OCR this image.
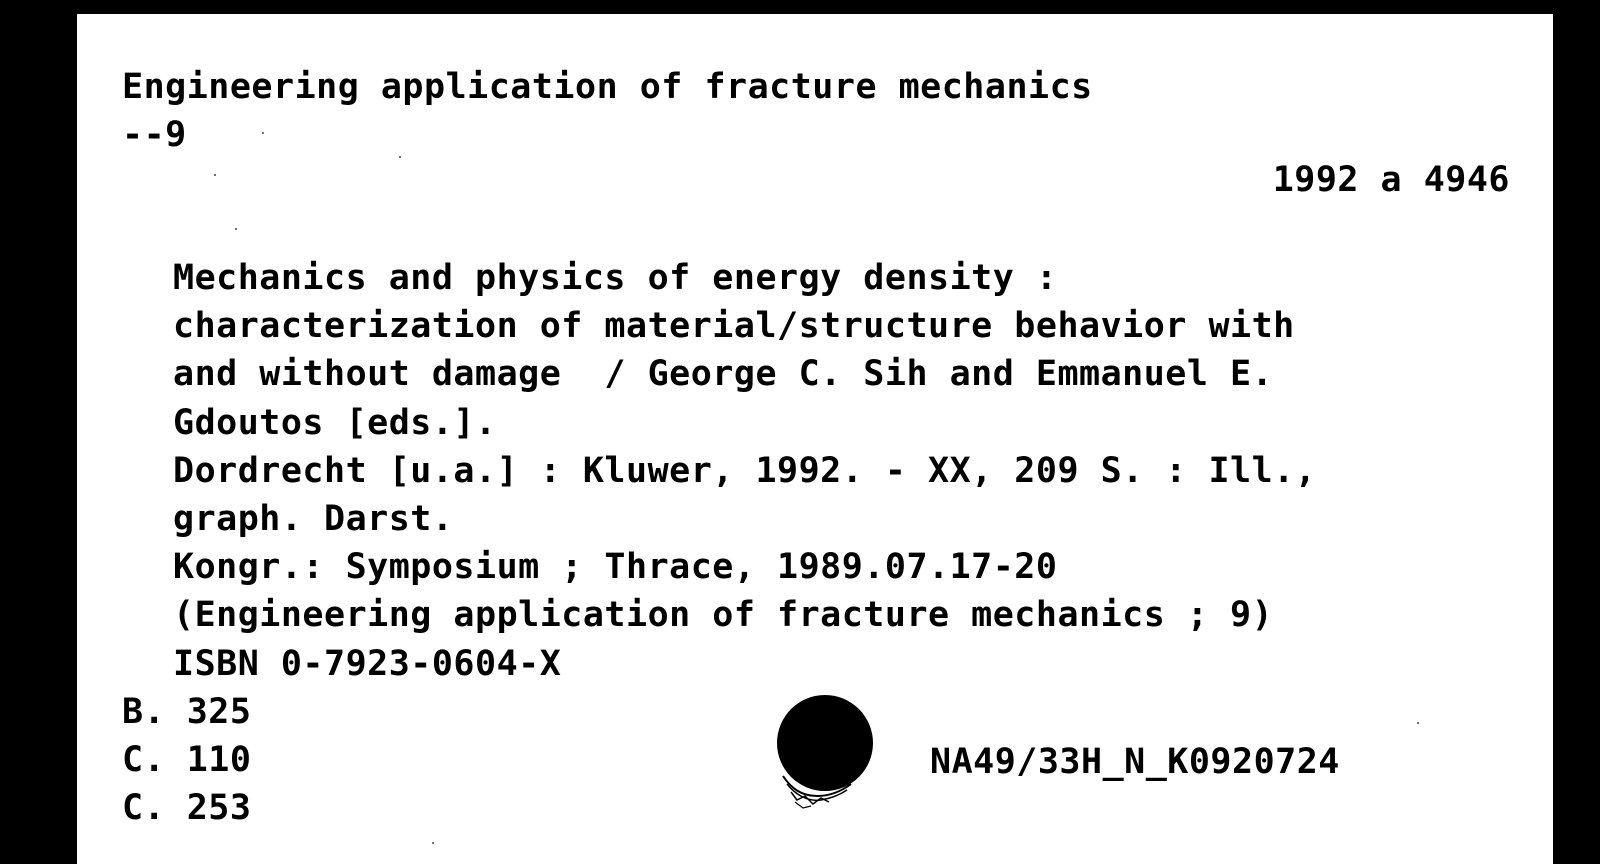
Engineering application of fracture mechanics
--9
1992 a 4946
Mechanics and physics of energy density :
characterization of material/structure behavior with
and without damage  / George C. Sih and Emmanuel E.
Gdoutos [eds.].
Dordrecht [u.a.] : Kluwer, 1992. - XX, 209 S. : Ill.,
graph. Darst.
Kongr.: Symposium ; Thrace, 1989.07.17-20
(Engineering application of fracture mechanics ; 9)
ISBN 0-7923-0604-X
B. 325
C. 110
C. 253
NA49/33H_N_K0920724
